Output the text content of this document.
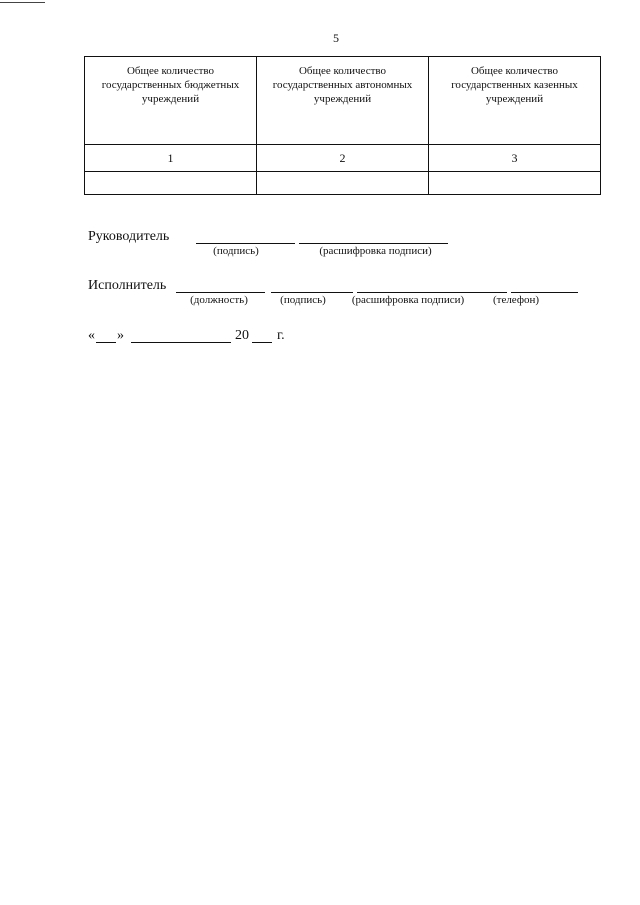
5
Общее количество государственных бюджетных учреждений	Общее количество государственных автономных учреждений	Общее количество государственных казенных учреждений
1	2	3

Руководитель
(подпись)	(расшифровка подписи)
Исполнитель
(должность)	(подпись)	(расшифровка подписи)	(телефон)
« »	20 г.
